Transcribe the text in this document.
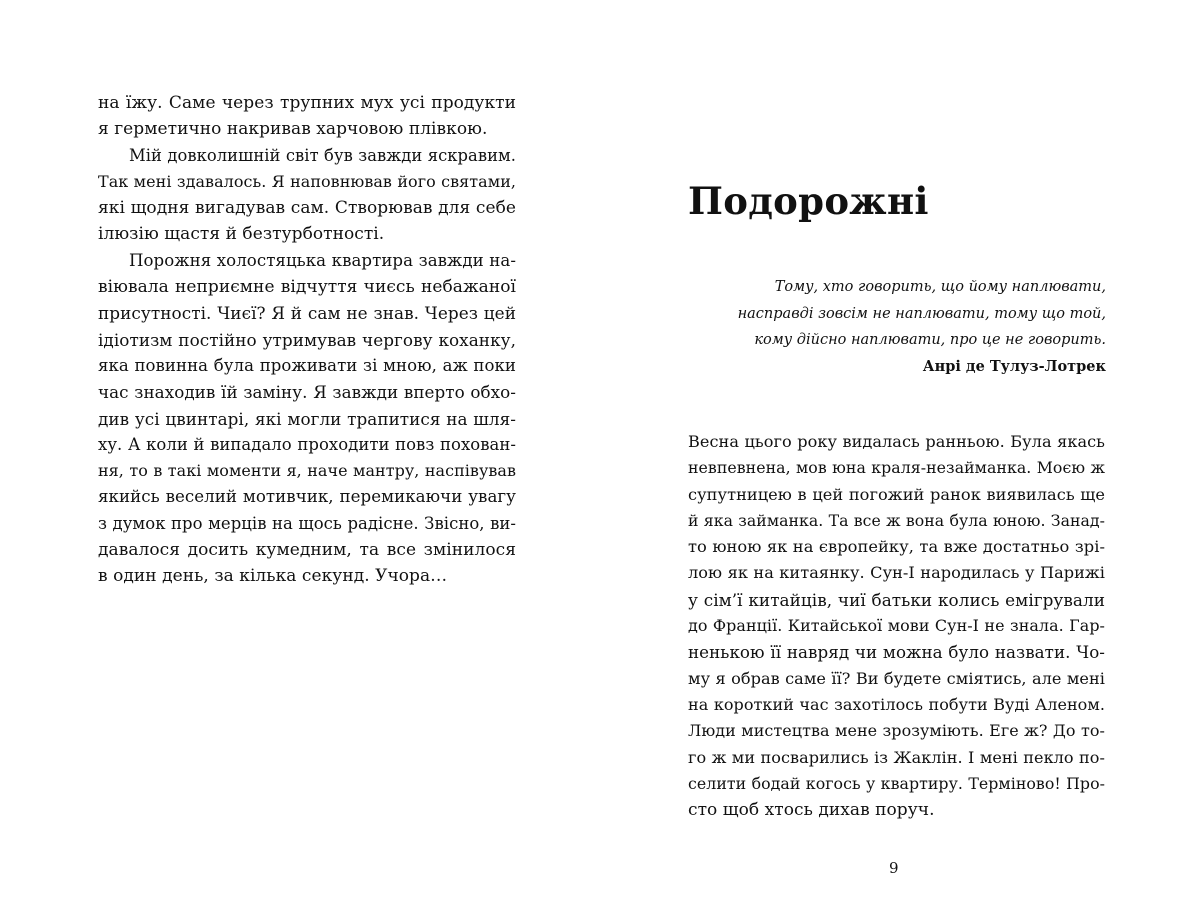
на їжу. Саме через трупних мух усі продукти
я герметично накривав харчовою плівкою.
Мій довколишній світ був завжди яскравим.
Так мені здавалось. Я наповнював його святами,
які щодня вигадував сам. Створював для себе
ілюзію щастя й безтурботності.
Порожня холостяцька квартира завжди на-
віювала неприємне відчуття чиєсь небажаної
присутності. Чиєї? Я й сам не знав. Через цей
ідіотизм постійно утримував чергову коханку,
яка повинна була проживати зі мною, аж поки
час знаходив їй заміну. Я завжди вперто обхо-
див усі цвинтарі, які могли трапитися на шля-
ху. А коли й випадало проходити повз похован-
ня, то в такі моменти я, наче мантру, наспівував
якийсь веселий мотивчик, перемикаючи увагу
з думок про мерців на щось радісне. Звісно, ви-
давалося досить кумедним, та все змінилося
в один день, за кілька секунд. Учора…
Подорожні
Тому, хто говорить, що йому наплювати,
насправді зовсім не наплювати, тому що той,
кому дійсно наплювати, про це не говорить.
Анрі де Тулуз-Лотрек
Весна цього року видалась ранньою. Була якась
невпевнена, мов юна краля-незайманка. Моєю ж
супутницею в цей погожий ранок виявилась ще
й яка займанка. Та все ж вона була юною. Занад-
то юною як на європейку, та вже достатньо зрі-
лою як на китаянку. Сун-І народилась у Парижі
у сім’ї китайців, чиї батьки колись емігрували
до Франції. Китайської мови Сун-І не знала. Гар-
ненькою її навряд чи можна було назвати. Чо-
му я обрав саме її? Ви будете сміятись, але мені
на короткий час захотілось побути Вуді Аленом.
Люди мистецтва мене зрозуміють. Еге ж? До то-
го ж ми посварились із Жаклін. І мені пекло по-
селити бодай когось у квартиру. Терміново! Про-
сто щоб хтось дихав поруч.
9
